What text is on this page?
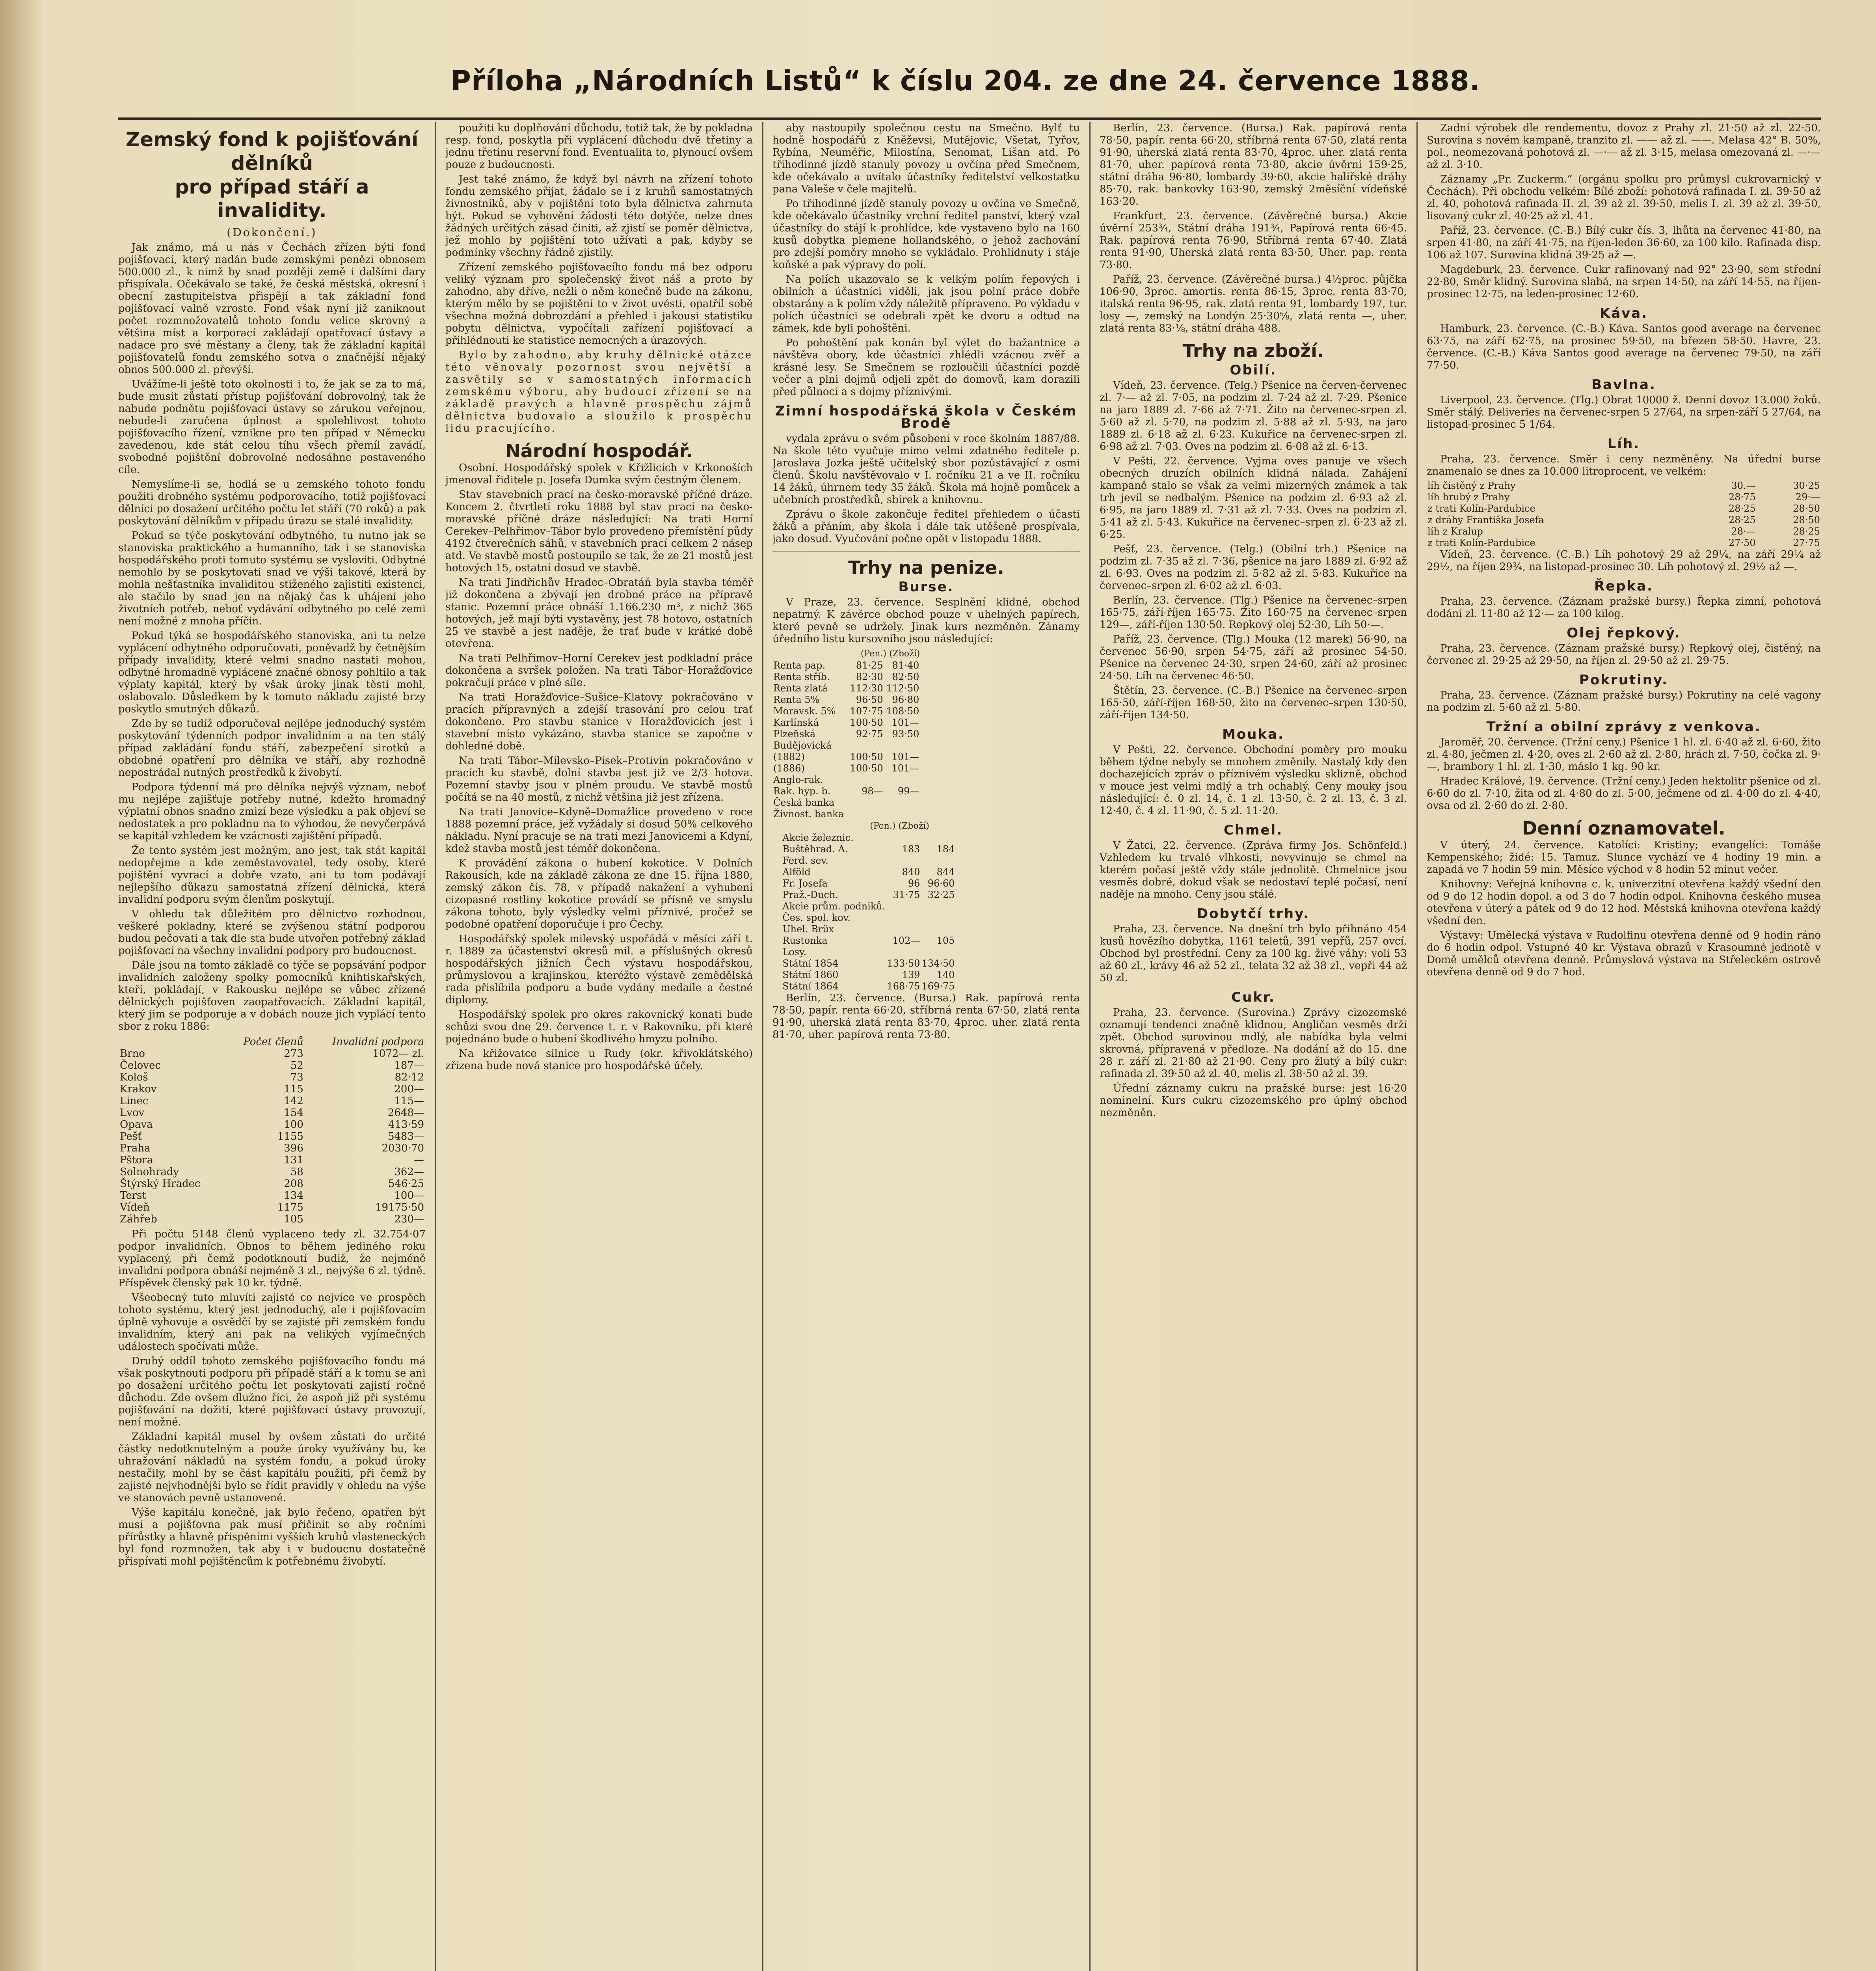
Příloha „Národních Listů“ k číslu 204. ze dne 24. července 1888.
Zemský fond k pojišťování dělníků
pro případ stáří a invalidity.
(Dokončení.)

Jak známo, má u nás v Čechách zřízen býti fond pojišťovací, který nadán bude zemskými penězi obnosem 500.000 zl., k nimž by snad později země i dalšími dary přispívala. Očekávalo se také, že česká městská, okresní i obecní zastupitelstva přispějí a tak základní fond pojišťovací valně vzroste. Fond však nyní již zaniknout počet rozmnožovatelů tohoto fondu velice skrovný a většina míst a korporací zakládají opatřovací ústavy a nadace pro své městany a členy, tak že základní kapitál pojišťovatelů fondu zemského sotva o značnější nějaký obnos 500.000 zl. převýší.

Uvážíme-li ještě toto okolnosti i to, že jak se za to má, bude musit zůstati přístup pojišťování dobrovolný, tak že nabude podnětu pojišťovací ústavy se zárukou veřejnou, nebude-li zaručena úplnost a spolehlivost tohoto pojišťovacího řízení, vznikne pro ten případ v Německu zavedenou, kde stát celou tíhu všech přemíl zavádí, svobodné pojištění dobrovolné nedosáhne postaveného cíle.

Nemyslíme-li se, hodlá se u zemského tohoto fondu použiti drobného systému podporovacího, totiž pojišťovací dělníci po dosažení určitého počtu let stáří (70 roků) a pak poskytování dělníkům v případu úrazu se stalé invalidity.

Pokud se týče poskytování odbytného, tu nutno jak se stanoviska praktického a humanního, tak i se stanoviska hospodářského proti tomuto systému se vysloviti. Odbytné nemohlo by se poskytovati snad ve výši takové, která by mohla nešťastníka invaliditou stiženého zajistiti existenci, ale stačilo by snad jen na nějaký čas k uhájení jeho životních potřeb, neboť vydávání odbytného po celé zemi není možné z mnoha příčin.

Pokud týká se hospodářského stanoviska, ani tu nelze vyplácení odbytného odporučovati, poněvadž by četnějším případy invalidity, které velmi snadno nastati mohou, odbytné hromadně vyplácené značné obnosy pohltilo a tak výplaty kapitál, který by však úroky jinak těsti mohl, oslabovalo. Důsledkem by k tomuto nákladu zajisté brzy poskytlo smutných důkazů.

Zde by se tudíž odporučoval nejlépe jednoduchý systém poskytování týdenních podpor invalidním a na ten stálý případ zakládání fondu stáří, zabezpečení sirotků a obdobné opatření pro dělníka ve stáří, aby rozhodně nepostrádal nutných prostředků k živobytí.

Podpora týdenní má pro dělníka nejvýš význam, neboť mu nejlépe zajišťuje potřeby nutné, kdežto hromadný výplatní obnos snadno zmizí beze výsledku a pak objeví se nedostatek a pro pokladnu na to výhodou, že nevyčerpává se kapitál vzhledem ke vzácnosti zajištění případů.

Že tento systém jest možným, ano jest, tak stát kapitál nedopřejme a kde zeměstavovatel, tedy osoby, které pojištění vyvrací a dobře vzato, ani tu tom podávají nejlepšího důkazu samostatná zřízení dělnická, která invalidní podporu svým členům poskytují.

V ohledu tak důležitém pro dělnictvo rozhodnou, veškeré pokladny, které se zvýšenou státní podporou budou pečovati a tak dle sta bude utvořen potřebný základ pojišťovací na všechny invalidní podpory pro budoucnost.

Dále jsou na tomto základě co týče se popsávání podpor invalidních založeny spolky pomocníků knihtiskařských, kteří, pokládají, v Rakousku nejlépe se vůbec zřízené dělnických pojišťoven zaopatřovacích. Základní kapitál, který jim se podporuje a v dobách nouze jich vyplácí tento sbor z roku 1886:

	Počet členů	Invalidní podpora
Brno	273	1072— zl.
Čelovec	52	187—
Kološ	73	82·12
Krakov	115	200—
Linec	142	115—
Lvov	154	2648—
Opava	100	413·59
Pešť	1155	5483—
Praha	396	2030·70
Pštora	131	—
Solnohrady	58	362—
Štýrský Hradec	208	546·25
Terst	134	100—
Vídeň	1175	19175·50
Záhřeb	105	230—

Při počtu 5148 členů vyplaceno tedy zl. 32.754·07 podpor invalidních. Obnos to během jediného roku vyplacený, při čemž podotknouti budiž, že nejméně invalidní podpora obnáší nejméně 3 zl., nejvýše 6 zl. týdně. Příspěvek členský pak 10 kr. týdně.

Všeobecný tuto mluvíti zajisté co nejvíce ve prospěch tohoto systému, který jest jednoduchý, ale i pojišťovacím úplně vyhovuje a osvědčí by se zajisté při zemském fondu invalidním, který ani pak na velikých vyjímečných událostech spočívati může.

Druhý oddíl tohoto zemského pojišťovacího fondu má však poskytnouti podporu při případě stáří a k tomu se ani po dosažení určitého počtu let poskytovati zajistí ročně důchodu. Zde ovšem dlužno říci, že aspoň již při systému pojišťování na dožití, které pojišťovací ústavy provozují, není možné.

Základní kapitál musel by ovšem zůstati do určité částky nedotknutelným a použe úroky využívány bu, ke uhražování nákladů na systém fondu, a pokud úroky nestačily, mohl by se část kapitálu použiti, při čemž by zajisté nejvhodnější bylo se řídit pravidly v ohledu na výše ve stanovách pevně ustanovené.

Výše kapitálu konečně, jak bylo řečeno, opatřen být musí a pojišťovna pak musí přičinit se aby ročními přírůstky a hlavně přispěními vyšších kruhů vlasteneckých byl fond rozmnožen, tak aby i v budoucnu dostatečně přispívati mohl pojištěncům k potřebnému živobytí.

použiti ku doplňování důchodu, totiž tak, že by pokladna resp. fond, poskytla při vyplácení důchodu dvě třetiny a jednu třetinu reservní fond. Eventualita to, plynoucí ovšem pouze z budoucnosti.

Jest také známo, že když byl návrh na zřízení tohoto fondu zemského přijat, žádalo se i z kruhů samostatných živnostníků, aby v pojištění toto byla dělnictva zahrnuta být. Pokud se vyhovění žádosti této dotýče, nelze dnes žádných určitých zásad činiti, až zjistí se poměr dělnictva, jež mohlo by pojištění toto užívati a pak, kdyby se podmínky všechny řádně zjistily.

Zřízení zemského pojišťovacího fondu má bez odporu veliký význam pro společenský život náš a proto by zahodno, aby dříve, nežli o něm konečně bude na zákonu, kterým mělo by se pojištění to v život uvésti, opatřil sobě všechna možná dobrozdání a přehled i jakousi statistiku pobytu dělnictva, vypočítali zařízení pojišťovací a přihlédnouti ke statistice nemocných a úrazových.

Bylo by zahodno, aby kruhy dělnické otázce této věnovaly pozornost svou největší a zasvětily se v samostatných informacích zemskému výboru, aby budoucí zřízení se na základě pravých a hlavně prospěchu zájmů dělnictva budovalo a sloužilo k prospěchu lidu pracujícího.

Národní hospodář.

Osobní. Hospodářský spolek v Křižlicích v Krkonoších jmenoval řiditele p. Josefa Dumka svým čestným členem.

Stav stavebních prací na česko-moravské příčné dráze. Koncem 2. čtvrtletí roku 1888 byl stav prací na česko-moravské příčné dráze následující: Na trati Horní Cerekev–Pelhřimov–Tábor bylo provedeno přemístění půdy 4192 čtverečních sáhů, v stavebních prací celkem 2 násep atd. Ve stavbě mostů postoupilo se tak, že ze 21 mostů jest hotových 15, ostatní dosud ve stavbě.

Na trati Jindřichův Hradec–Obratáň byla stavba téměř již dokončena a zbývají jen drobné práce na přípravě stanic. Pozemní práce obnáší 1.166.230 m³, z nichž 365 hotových, jež mají býti vystavěny, jest 78 hotovo, ostatních 25 ve stavbě a jest naděje, že trať bude v krátké době otevřena.

Na trati Pelhřimov–Horní Cerekev jest podkladní práce dokončena a svršek položen. Na trati Tábor–Horažďovice pokračují práce v plné síle.

Na trati Horažďovice–Sušice–Klatovy pokračováno v pracích přípravných a zdejší trasování pro celou trať dokončeno. Pro stavbu stanice v Horažďovicích jest i stavební místo vykázáno, stavba stanice se započne v dohledné době.

Na trati Tábor–Milevsko–Písek–Protivín pokračováno v pracích ku stavbě, dolní stavba jest již ve 2/3 hotova. Pozemní stavby jsou v plném proudu. Ve stavbě mostů počítá se na 40 mostů, z nichž většina již jest zřízena.

Na trati Janovice–Kdyně–Domažlice provedeno v roce 1888 pozemní práce, jež vyžádaly si dosud 50% celkového nákladu. Nyní pracuje se na trati mezi Janovicemi a Kdyní, kdež stavba mostů jest téměř dokončena.

K provádění zákona o hubení kokotice. V Dolních Rakousích, kde na základě zákona ze dne 15. října 1880, zemský zákon čís. 78, v případě nakažení a vyhubení cizopasné rostliny kokotice provádí se přísně ve smyslu zákona tohoto, byly výsledky velmi příznivé, pročež se podobné opatření doporučuje i pro Čechy.

Hospodářský spolek milevský uspořádá v měsíci září t. r. 1889 za účastenství okresů mil. a příslušných okresů hospodářských jižních Čech výstavu hospodářskou, průmyslovou a krajinskou, kteréžto výstavě zemědělská rada přislíbila podporu a bude vydány medaile a čestné diplomy.

Hospodářský spolek pro okres rakovnický konati bude schůzi svou dne 29. července t. r. v Rakovníku, při které pojednáno bude o hubení škodlivého hmyzu polního.

Na křižovatce silnice u Rudy (okr. křivoklátského) zřízena bude nová stanice pro hospodářské účely.

aby nastoupily společnou cestu na Smečno. Bylť tu hodně hospodářů z Kněževsi, Mutějovic, Všetat, Tyřov, Rybína, Neuměřic, Milostína, Senomat, Lišan atd. Po třihodinné jízdě stanuly povozy u ovčína před Smečnem, kde očekávalo a uvítalo účastníky ředitelství velkostatku pana Valeše v čele majitelů.

Po třihodinné jízdě stanuly povozy u ovčína ve Smečně, kde očekávalo účastníky vrchní ředitel panství, který vzal účastníky do stájí k prohlídce, kde vystaveno bylo na 160 kusů dobytka plemene hollandského, o jehož zachování pro zdejší poměry mnoho se vykládalo. Prohlídnuty i stáje koňské a pak výpravy do polí.

Na polích ukazovalo se k velkým polím řepových i obilních a účastníci viděli, jak jsou polní práce dobře obstarány a k polím vždy náležitě přípraveno. Po výkladu v polích účastníci se odebrali zpět ke dvoru a odtud na zámek, kde byli pohoštěni.

Po pohoštění pak konán byl výlet do bažantnice a návštěva obory, kde účastníci zhlédli vzácnou zvěř a krásné lesy. Se Smečnem se rozloučili účastníci pozdě večer a plni dojmů odjeli zpět do domovů, kam dorazili před půlnocí a s dojmy příznivými.

Zimní hospodářská škola v Českém Brodě

vydala zprávu o svém působení v roce školním 1887/88. Na škole této vyučuje mimo velmi zdatného ředitele p. Jaroslava Jozka ještě učitelský sbor pozůstávající z osmi členů. Školu navštěvovalo v I. ročníku 21 a ve II. ročníku 14 žáků, úhrnem tedy 35 žáků. Škola má hojně pomůcek a učebních prostředků, sbírek a knihovnu.

Zprávu o škole zakončuje ředitel přehledem o účasti žáků a přáním, aby škola i dále tak utěšeně prospívala, jako dosud. Vyučování počne opět v listopadu 1888.

Trhy na penize.
Burse.

V Praze, 23. července. Sesplnění klidné, obchod nepatrný. K závěrce obchod pouze v uhelných papírech, které pevně se udržely. Jinak kurs nezměněn. Zánamy úředního listu kursovního jsou následující:

(Pen.) (Zboží)
Renta pap.	81·25	81·40
Renta stříb.	82·30	82·50
Renta zlatá	112·30	112·50
Renta 5%	96·50	96·80
Moravsk. 5%	107·75	108·50
Karlínská	100·50	101—
Plzeňská	92·75	93·50
Budějovická		
(1882)	100·50	101—
(1886)	100·50	101—
Anglo-rak.		
Rak. hyp. b.	98—	99—
Česká banka		
Živnost. banka		

(Pen.) (Zboží)
Akcie železnic.		
Buštěhrad. A.	183	184
Ferd. sev.		
Alföld	840	844
Fr. Josefa	96	96·60
Praž.-Duch.	31·75	32·25
Akcie prům. podniků.		
Čes. spol. kov.		
Uhel. Brüx		
Rustonka	102—	105
Losy.		
Státní 1854	133·50	134·50
Státní 1860	139	140
Státní 1864	168·75	169·75

Berlín, 23. července. (Bursa.) Rak. papírová renta 78·50, papír. renta 66·20, stříbrná renta 67·50, zlatá renta 91·90, uherská zlatá renta 83·70, 4proc. uher. zlatá renta 81·70, uher. papírová renta 73·80.

Berlín, 23. července. (Bursa.) Rak. papírová renta 78·50, papír. renta 66·20, stříbrná renta 67·50, zlatá renta 91·90, uherská zlatá renta 83·70, 4proc. uher. zlatá renta 81·70, uher. papírová renta 73·80, akcie úvěrní 159·25, státní dráha 96·80, lombardy 39·60, akcie halířské dráhy 85·70, rak. bankovky 163·90, zemský 2měsíční vídeňské 163·20.

Frankfurt, 23. července. (Závěrečné bursa.) Akcie úvěrní 253¾, Státní dráha 191¾, Papírová renta 66·45. Rak. papírová renta 76·90, Stříbrná renta 67·40. Zlatá renta 91·90, Uherská zlatá renta 83·50, Uher. pap. renta 73·80.

Paříž, 23. července. (Závěrečné bursa.) 4½proc. půjčka 106·90, 3proc. amortis. renta 86·15, 3proc. renta 83·70, italská renta 96·95, rak. zlatá renta 91, lombardy 197, tur. losy —, zemský na Londýn 25·30⅝, zlatá renta —, uher. zlatá renta 83·⅛, státní dráha 488.

Trhy na zboží.
Obilí.

Vídeň, 23. července. (Telg.) Pšenice na červen-červenec zl. 7·— až zl. 7·05, na podzim zl. 7·24 až zl. 7·29. Pšenice na jaro 1889 zl. 7·66 až 7·71. Žito na červenec-srpen zl. 5·60 až zl. 5·70, na podzim zl. 5·88 až zl. 5·93, na jaro 1889 zl. 6·18 až zl. 6·23. Kukuřice na červenec-srpen zl. 6·98 až zl. 7·03. Oves na podzim zl. 6·08 až zl. 6·13.

V Pešti, 22. července. Vyjma oves panuje ve všech obecných druzích obilních klidná nálada. Zahájení kampaně stalo se však za velmi mizerných známek a tak trh jevil se nedbalým. Pšenice na podzim zl. 6·93 až zl. 6·95, na jaro 1889 zl. 7·31 až zl. 7·33. Oves na podzim zl. 5·41 až zl. 5·43. Kukuřice na červenec–srpen zl. 6·23 až zl. 6·25.

Pešť, 23. července. (Telg.) (Obilní trh.) Pšenice na podzim zl. 7·35 až zl. 7·36, pšenice na jaro 1889 zl. 6·92 až zl. 6·93. Oves na podzim zl. 5·82 až zl. 5·83. Kukuřice na červenec–srpen zl. 6·02 až zl. 6·03.

Berlín, 23. července. (Tlg.) Pšenice na červenec–srpen 165·75, září-říjen 165·75. Žito 160·75 na červenec–srpen 129—, září-říjen 130·50. Repkový olej 52·30, Líh 50·—.

Paříž, 23. července. (Tlg.) Mouka (12 marek) 56·90, na červenec 56·90, srpen 54·75, září až prosinec 54·50. Pšenice na červenec 24·30, srpen 24·60, září až prosinec 24·50. Líh na červenec 46·50.

Štětín, 23. července. (C.-B.) Pšenice na červenec–srpen 165·50, září-říjen 168·50, žito na červenec–srpen 130·50, září-říjen 134·50.

Mouka.

V Pešti, 22. července. Obchodní poměry pro mouku během týdne nebyly se mnohem změnily. Nastalý kdy den dochazejících zpráv o příznivém výsledku sklizně, obchod v mouce jest velmi mdlý a trh ochablý. Ceny mouky jsou následující: č. 0 zl. 14, č. 1 zl. 13·50, č. 2 zl. 13, č. 3 zl. 12·40, č. 4 zl. 11·90, č. 5 zl. 11·20.

Chmel.

V Žatci, 22. července. (Zpráva firmy Jos. Schönfeld.) Vzhledem ku trvalé vlhkosti, nevyvinuje se chmel na kterém počasí ještě vždy stále jednolitě. Chmelnice jsou vesměs dobré, dokud však se nedostaví teplé počasí, není naděje na mnoho. Ceny jsou stálé.

Dobytčí trhy.

Praha, 23. července. Na dnešní trh bylo přihnáno 454 kusů hovězího dobytka, 1161 teletů, 391 vepřů, 257 ovcí. Obchod byl prostřední. Ceny za 100 kg. živé váhy: voli 53 až 60 zl., krávy 46 až 52 zl., telata 32 až 38 zl., vepři 44 až 50 zl.

Cukr.

Praha, 23. července. (Surovina.) Zprávy cizozemské oznamují tendenci značně klidnou, Angličan vesměs drží zpět. Obchod surovinou mdlý, ale nabídka byla velmi skrovná, přípravená v předloze. Na dodání až do 15. dne 28 r. září zl. 21·80 až 21·90. Ceny pro žlutý a bílý cukr: rafinada zl. 39·50 až zl. 40, melis zl. 38·50 až zl. 39.

Úřední záznamy cukru na pražské burse: jest 16·20 nominelní. Kurs cukru cizozemského pro úplný obchod nezměněn.

Zadní výrobek dle rendementu, dovoz z Prahy zl. 21·50 až zl. 22·50. Surovina s novém kampaně, tranzito zl. —— až zl. ——. Melasa 42° B. 50%, pol., neomezovaná pohotová zl. —·— až zl. 3·15, melasa omezovaná zl. —·— až zl. 3·10.

Záznamy „Pr. Zuckerm.“ (orgánu spolku pro průmysl cukrovarnický v Čechách). Při obchodu velkém: Bílé zboží: pohotová rafinada I. zl. 39·50 až zl. 40, pohotová rafinada II. zl. 39 až zl. 39·50, melis I. zl. 39 až zl. 39·50, lisovaný cukr zl. 40·25 až zl. 41.

Paříž, 23. července. (C.-B.) Bílý cukr čís. 3, lhůta na červenec 41·80, na srpen 41·80, na září 41·75, na říjen-leden 36·60, za 100 kilo. Rafinada disp. 106 až 107. Surovina klidná 39·25 až —.

Magdeburk, 23. července. Cukr rafinovaný nad 92° 23·90, sem střední 22·80, Směr klidný. Surovina slabá, na srpen 14·50, na září 14·55, na říjen-prosinec 12·75, na leden-prosinec 12·60.

Káva.

Hamburk, 23. července. (C.-B.) Káva. Santos good average na červenec 63·75, na září 62·75, na prosinec 59·50, na březen 58·50. Havre, 23. července. (C.-B.) Káva Santos good average na červenec 79·50, na září 77·50.

Bavlna.

Liverpool, 23. července. (Tlg.) Obrat 10000 ž. Denní dovoz 13.000 žoků. Směr stálý. Deliveries na červenec-srpen 5 27/64, na srpen-září 5 27/64, na listopad-prosinec 5 1/64.

Líh.

Praha, 23. července. Směr i ceny nezměněny. Na úřední burse znamenalo se dnes za 10.000 litroprocent, ve velkém:

líh čistěný z Prahy	30.—	30·25
líh hrubý z Prahy	28·75	29·—
z trati Kolín-Pardubice	28·25	28·50
z dráhy Františka Josefa	28·25	28·50
líh z Kralup	28·—	28·25
z trati Kolín-Pardubice	27·50	27·75

Vídeň, 23. července. (C.-B.) Líh pohotový 29 až 29¼, na září 29¼ až 29½, na říjen 29¾, na listopad-prosinec 30. Líh pohotový zl. 29½ až —.

Řepka.

Praha, 23. července. (Záznam pražské bursy.) Řepka zimní, pohotová dodání zl. 11·80 až 12·— za 100 kilog.

Olej řepkový.

Praha, 23. července. (Záznam pražské bursy.) Repkový olej, čistěný, na červenec zl. 29·25 až 29·50, na říjen zl. 29·50 až zl. 29·75.

Pokrutiny.

Praha, 23. července. (Záznam pražské bursy.) Pokrutiny na celé vagony na podzim zl. 5·60 až zl. 5·80.

Tržní a obilní zprávy z venkova.

Jaroměř, 20. července. (Tržní ceny.) Pšenice 1 hl. zl. 6·40 až zl. 6·60, žito zl. 4·80, ječmen zl. 4·20, oves zl. 2·60 až zl. 2·80, hrách zl. 7·50, čočka zl. 9·—, brambory 1 hl. zl. 1·30, máslo 1 kg. 90 kr.

Hradec Králové, 19. července. (Tržní ceny.) Jeden hektolitr pšenice od zl. 6·60 do zl. 7·10, žita od zl. 4·80 do zl. 5·00, ječmene od zl. 4·00 do zl. 4·40, ovsa od zl. 2·60 do zl. 2·80.

Denní oznamovatel.

V úterý, 24. července. Katolíci: Kristiny; evangelíci: Tomáše Kempenského; židé: 15. Tamuz. Slunce vychází ve 4 hodiny 19 min. a zapadá ve 7 hodin 59 min. Měsíce východ v 8 hodin 52 minut večer.

Knihovny: Veřejná knihovna c. k. univerzitní otevřena každý všední den od 9 do 12 hodin dopol. a od 3 do 7 hodin odpol. Knihovna českého musea otevřena v úterý a pátek od 9 do 12 hod. Městská knihovna otevřena každý všední den.

Výstavy: Umělecká výstava v Rudolfinu otevřena denně od 9 hodin ráno do 6 hodin odpol. Vstupné 40 kr. Výstava obrazů v Krasoumné jednotě v Domě umělců otevřena denně. Průmyslová výstava na Střeleckém ostrově otevřena denně od 9 do 7 hod.
